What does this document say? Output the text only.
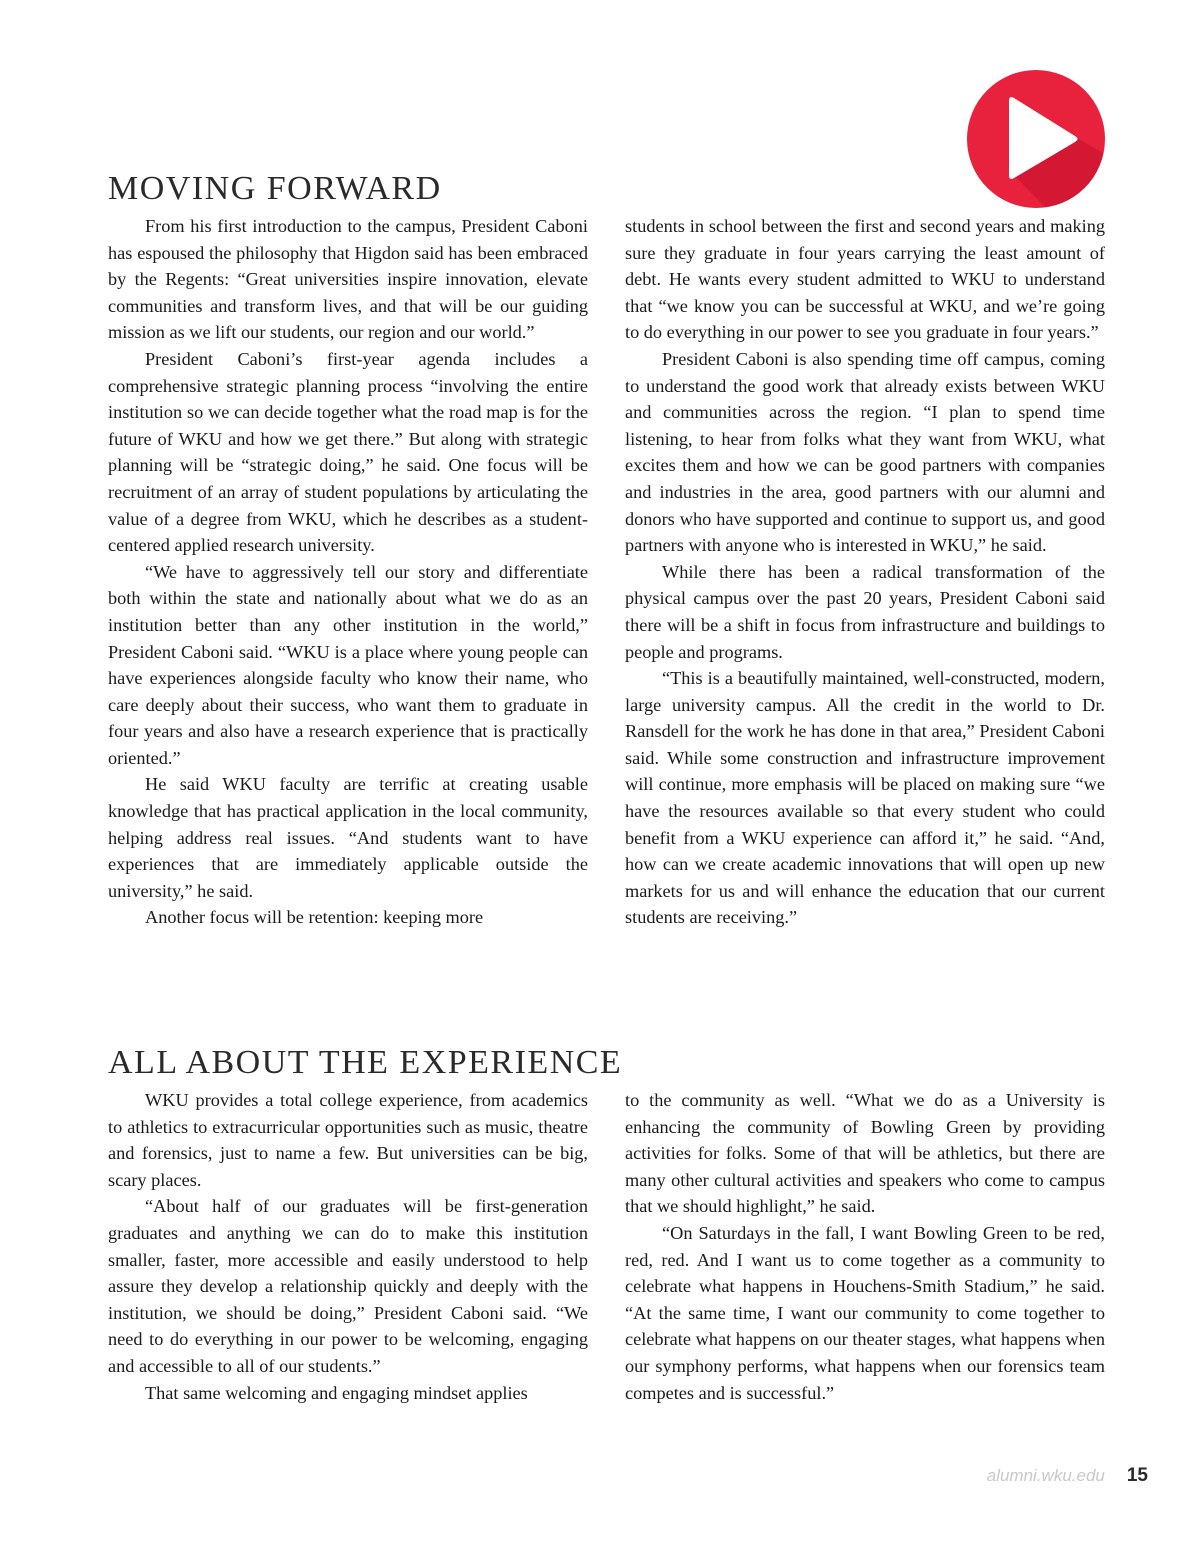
MOVING FORWARD

From his first introduction to the campus, President Caboni has espoused the philosophy that Higdon said has been embraced by the Regents: “Great universities inspire innovation, elevate communities and transform lives, and that will be our guiding mission as we lift our students, our region and our world.”

President Caboni’s first-year agenda includes a comprehensive strategic planning process “involving the entire institution so we can decide together what the road map is for the future of WKU and how we get there.” But along with strategic planning will be “strategic doing,” he said. One focus will be recruitment of an array of student populations by articulating the value of a degree from WKU, which he describes as a student-centered applied research university.

“We have to aggressively tell our story and differentiate both within the state and nationally about what we do as an institution better than any other institution in the world,” President Caboni said. “WKU is a place where young people can have experiences alongside faculty who know their name, who care deeply about their success, who want them to graduate in four years and also have a research experience that is practically oriented.”

He said WKU faculty are terrific at creating usable knowledge that has practical application in the local community, helping address real issues. “And students want to have experiences that are immediately applicable outside the university,” he said.

Another focus will be retention: keeping more

students in school between the first and second years and making sure they graduate in four years carrying the least amount of debt. He wants every student admitted to WKU to understand that “we know you can be successful at WKU, and we’re going to do everything in our power to see you graduate in four years.”

President Caboni is also spending time off campus, coming to understand the good work that already exists between WKU and communities across the region. “I plan to spend time listening, to hear from folks what they want from WKU, what excites them and how we can be good partners with companies and industries in the area, good partners with our alumni and donors who have supported and continue to support us, and good partners with anyone who is interested in WKU,” he said.

While there has been a radical transformation of the physical campus over the past 20 years, President Caboni said there will be a shift in focus from infrastructure and buildings to people and programs.

“This is a beautifully maintained, well-constructed, modern, large university campus. All the credit in the world to Dr. Ransdell for the work he has done in that area,” President Caboni said. While some construction and infrastructure improvement will continue, more emphasis will be placed on making sure “we have the resources available so that every student who could benefit from a WKU experience can afford it,” he said. “And, how can we create academic innovations that will open up new markets for us and will enhance the education that our current students are receiving.”

ALL ABOUT THE EXPERIENCE

WKU provides a total college experience, from academics to athletics to extracurricular opportunities such as music, theatre and forensics, just to name a few. But universities can be big, scary places.

“About half of our graduates will be first-generation graduates and anything we can do to make this institution smaller, faster, more accessible and easily understood to help assure they develop a relationship quickly and deeply with the institution, we should be doing,” President Caboni said. “We need to do everything in our power to be welcoming, engaging and accessible to all of our students.”

That same welcoming and engaging mindset applies

to the community as well. “What we do as a University is enhancing the community of Bowling Green by providing activities for folks. Some of that will be athletics, but there are many other cultural activities and speakers who come to campus that we should highlight,” he said.

“On Saturdays in the fall, I want Bowling Green to be red, red, red. And I want us to come together as a community to celebrate what happens in Houchens-Smith Stadium,” he said. “At the same time, I want our community to come together to celebrate what happens on our theater stages, what happens when our symphony performs, what happens when our forensics team competes and is successful.”

alumni.wku.edu 15
